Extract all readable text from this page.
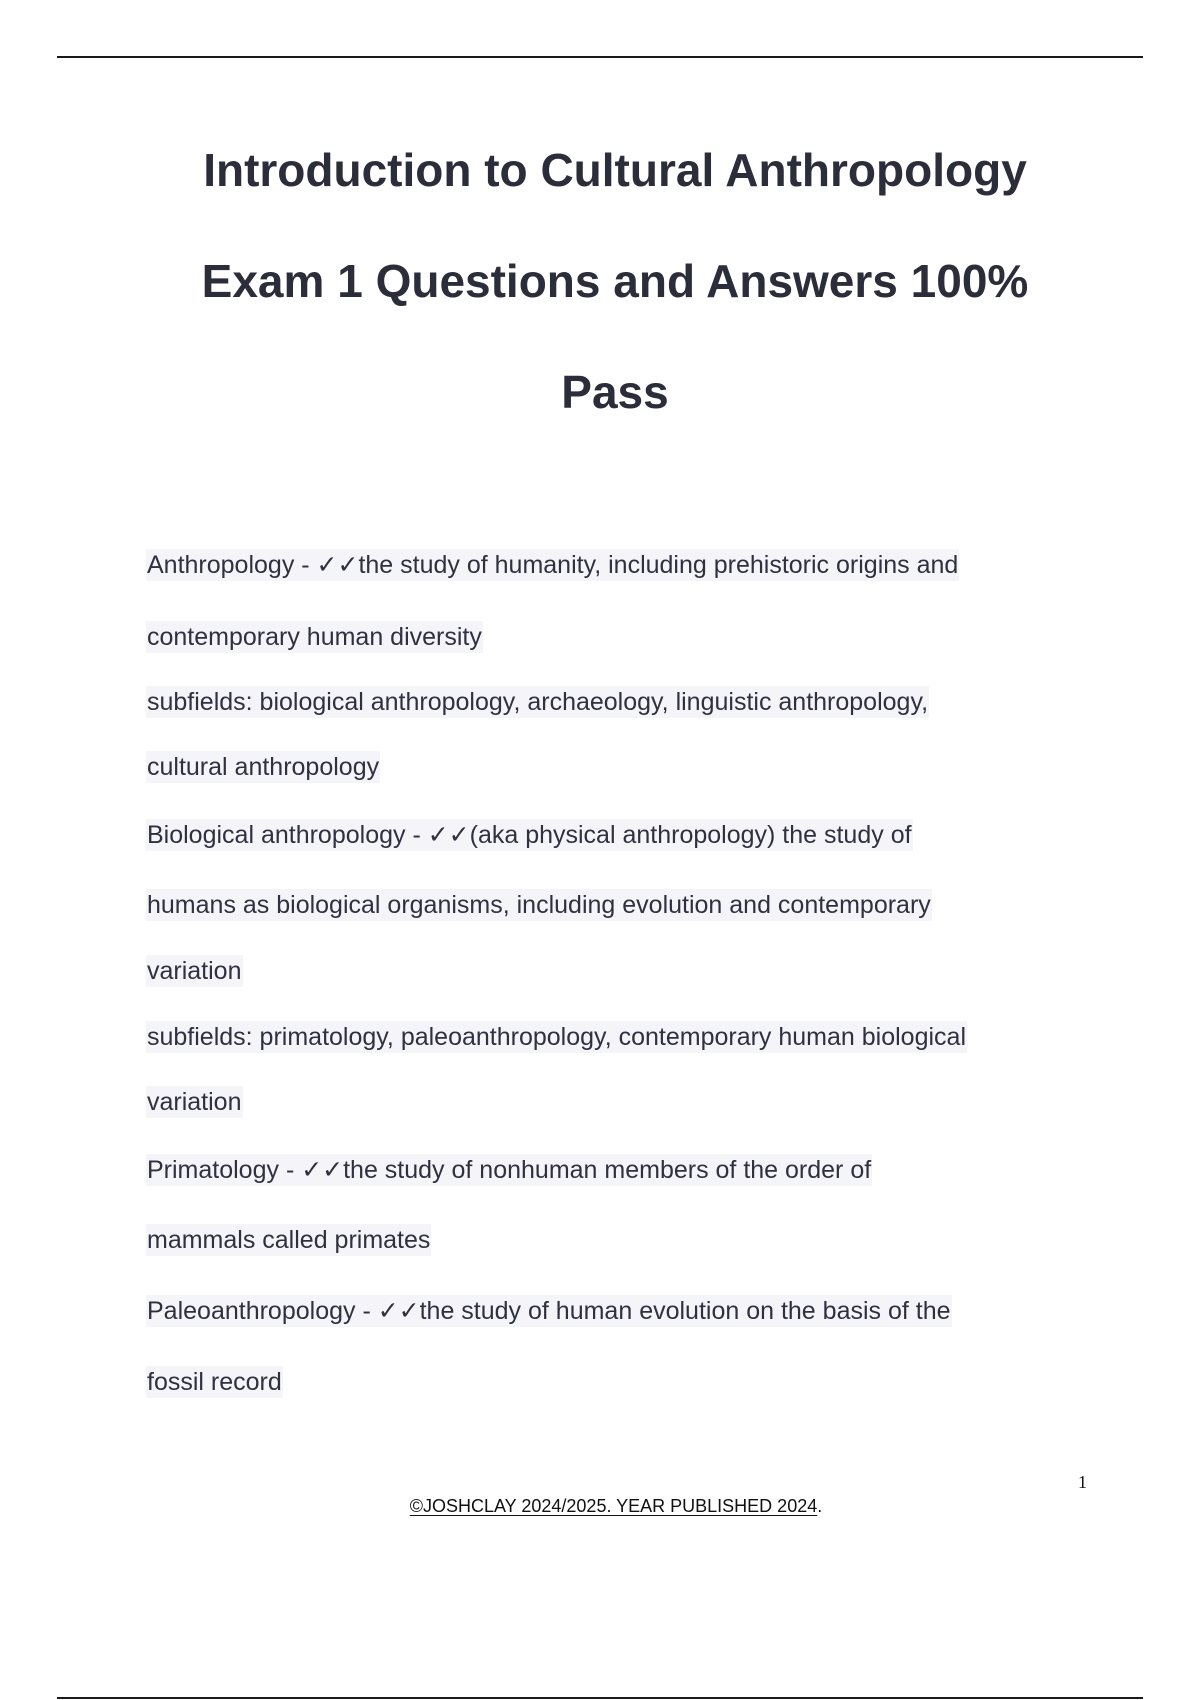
Introduction to Cultural Anthropology
Exam 1 Questions and Answers 100%
Pass
Anthropology - ✓✓the study of humanity, including prehistoric origins and
contemporary human diversity
subfields: biological anthropology, archaeology, linguistic anthropology,
cultural anthropology
Biological anthropology - ✓✓(aka physical anthropology) the study of
humans as biological organisms, including evolution and contemporary
variation
subfields: primatology, paleoanthropology, contemporary human biological
variation
Primatology - ✓✓the study of nonhuman members of the order of
mammals called primates
Paleoanthropology - ✓✓the study of human evolution on the basis of the
fossil record
1
©JOSHCLAY 2024/2025. YEAR PUBLISHED 2024.
